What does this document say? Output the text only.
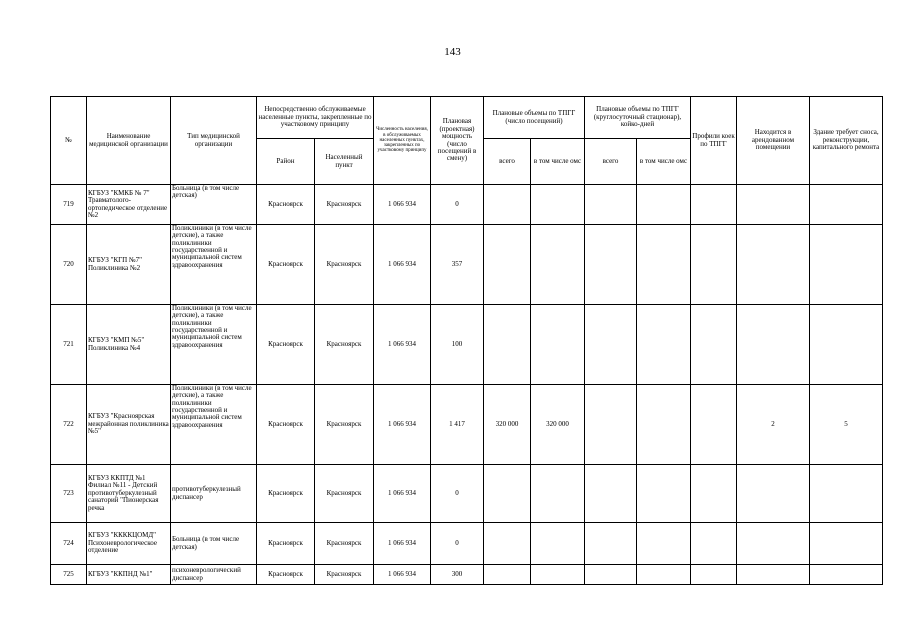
143
№	Наименование медицинской организации	Тип медицинской организации	Непосредственно обслуживаемые населенные пункты, закрепленные по участковому принципу		Численность населения, в обслуживаемых населенных пунктах, закрепленных по участковому принципу	Плановая (проектная) мощность (число посещений в смену)	Плановые объемы по ТПГГ (число посещений)		Плановые объемы по ТПГГ (круглосуточный стационар), койко-дней		Профили коек по ТПГГ	Находится в арендованном помещении	Здание требует сноса, реконструкции, капитального ремонта
			Район	Населенный пункт			всего	в том числе омс	всего	в том числе омс			
719	КГБУЗ "КМКБ № 7" Травматолого-ортопедическое отделение №2	Больница (в том числе детская)	Красноярск	Красноярск	1 066 934	0							
720	КГБУЗ "КГП №7" Поликлиника №2	Поликлиники (в том числе детские), а также поликлиники государственной и муниципальной систем здравоохранения	Красноярск	Красноярск	1 066 934	357							
721	КГБУЗ "КМП №5" Поликлиника №4	Поликлиники (в том числе детские), а также поликлиники государственной и муниципальной систем здравоохранения	Красноярск	Красноярск	1 066 934	100							
722	КГБУЗ "Красноярская межрайонная поликлиника №5"	Поликлиники (в том числе детские), а также поликлиники государственной и муниципальной систем здравоохранения	Красноярск	Красноярск	1 066 934	1 417	320 000	320 000				2	5
723	КГБУЗ ККПТД №1 Филиал №11 - Детский противотуберкулезный санаторий "Пионерская речка	противотуберкулезный диспансер	Красноярск	Красноярск	1 066 934	0							
724	КГБУЗ "ККККЦОМД" Психоневрологическое отделение	Больница (в том числе детская)	Красноярск	Красноярск	1 066 934	0							
725	КГБУЗ "ККПНД №1"	психоневрологический диспансер	Красноярск	Красноярск	1 066 934	300							
